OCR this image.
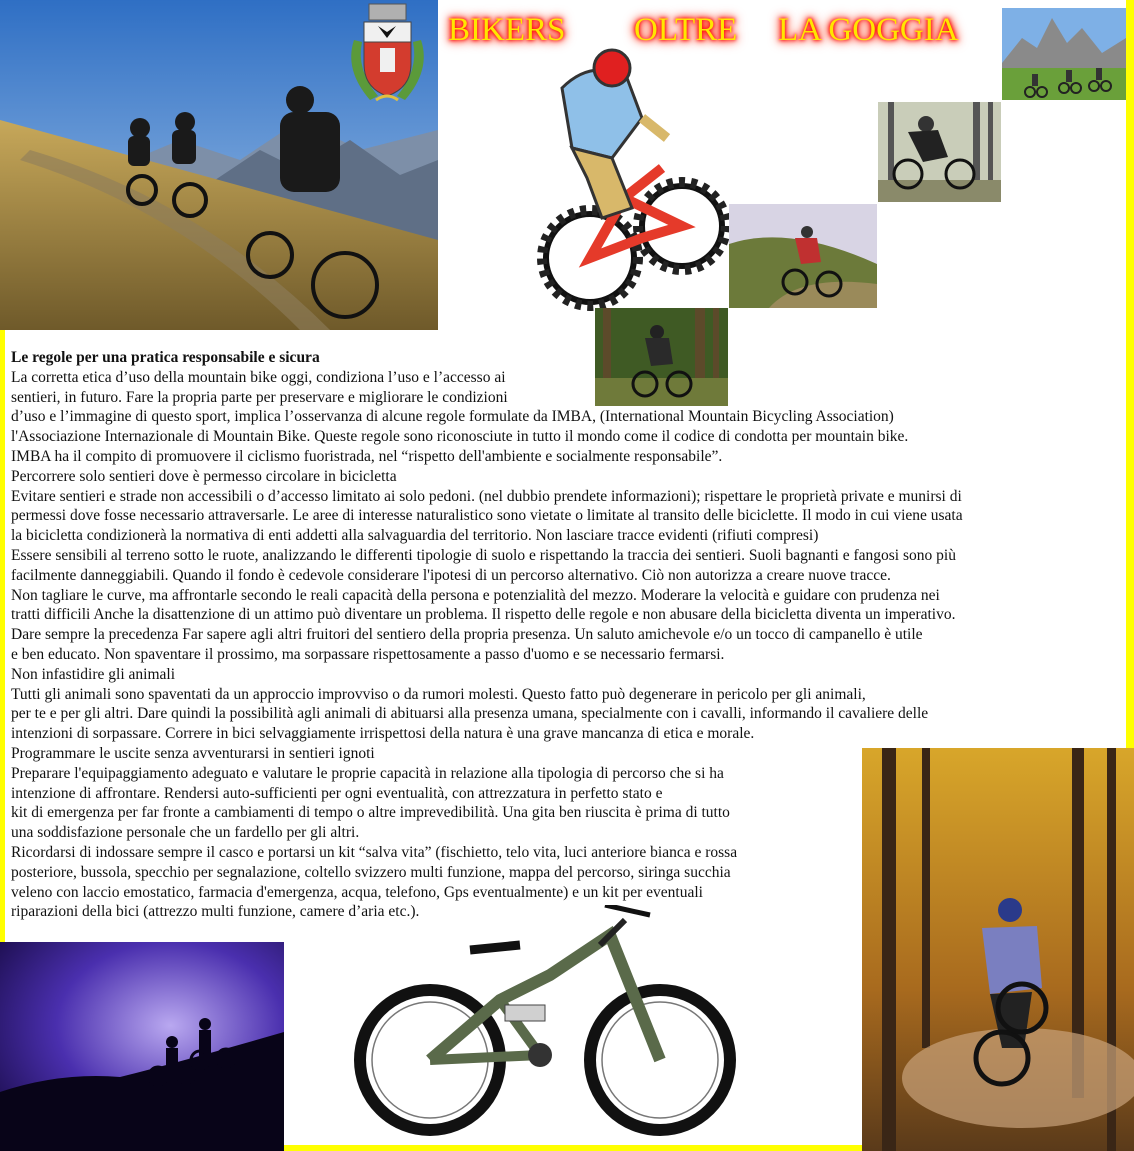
BIKERS OLTRE LA GOGGIA
Le regole per una pratica responsabile e sicura
La corretta etica d’uso della mountain bike oggi, condiziona l’uso e l’accesso ai
sentieri, in futuro. Fare la propria parte per preservare e migliorare le condizioni
d’uso e l’immagine di questo sport, implica l’osservanza di alcune regole formulate da IMBA, (International Mountain Bicycling Association)
l'Associazione Internazionale di Mountain Bike. Queste regole sono riconosciute in tutto il mondo come il codice di condotta per mountain bike.
IMBA ha il compito di promuovere il ciclismo fuoristrada, nel “rispetto dell'ambiente e socialmente responsabile”.
Percorrere solo sentieri dove è permesso circolare in bicicletta
Evitare sentieri e strade non accessibili o d’accesso limitato ai solo pedoni. (nel dubbio prendete informazioni); rispettare le proprietà private e munirsi di
permessi dove fosse necessario attraversarle. Le aree di interesse naturalistico sono vietate o limitate al transito delle biciclette. Il modo in cui viene usata
la bicicletta condizionerà la normativa di enti addetti alla salvaguardia del territorio. Non lasciare tracce evidenti (rifiuti compresi)
Essere sensibili al terreno sotto le ruote, analizzando le differenti tipologie di suolo e rispettando la traccia dei sentieri. Suoli bagnanti e fangosi sono più
facilmente danneggiabili. Quando il fondo è cedevole considerare l'ipotesi di un percorso alternativo. Ciò non autorizza a creare nuove tracce.
Non tagliare le curve, ma affrontarle secondo le reali capacità della persona e potenzialità del mezzo. Moderare la velocità e guidare con prudenza nei
tratti difficili Anche la disattenzione di un attimo può diventare un problema. Il rispetto delle regole e non abusare della bicicletta diventa un imperativo.
Dare sempre la precedenza Far sapere agli altri fruitori del sentiero della propria presenza. Un saluto amichevole e/o un tocco di campanello è utile
e ben educato. Non spaventare il prossimo, ma sorpassare rispettosamente a passo d'uomo e se necessario fermarsi.
Non infastidire gli animali
Tutti gli animali sono spaventati da un approccio improvviso o da rumori molesti. Questo fatto può degenerare in pericolo per gli animali,
per te e per gli altri. Dare quindi la possibilità agli animali di abituarsi alla presenza umana, specialmente con i cavalli, informando il cavaliere delle
intenzioni di sorpassare. Correre in bici selvaggiamente irrispettosi della natura è una grave mancanza di etica e morale.
Programmare le uscite senza avventurarsi in sentieri ignoti
Preparare l'equipaggiamento adeguato e valutare le proprie capacità in relazione alla tipologia di percorso che si ha
intenzione di affrontare. Rendersi auto-sufficienti per ogni eventualità, con attrezzatura in perfetto stato e
kit di emergenza per far fronte a cambiamenti di tempo o altre imprevedibilità. Una gita ben riuscita è prima di tutto
una soddisfazione personale che un fardello per gli altri.
Ricordarsi di indossare sempre il casco e portarsi un kit “salva vita” (fischietto, telo vita, luci anteriore bianca e rossa
posteriore, bussola, specchio per segnalazione, coltello svizzero multi funzione, mappa del percorso, siringa succhia
veleno con laccio emostatico, farmacia d'emergenza, acqua, telefono, Gps eventualmente) e un kit per eventuali
riparazioni della bici (attrezzo multi funzione, camere d’aria etc.).
